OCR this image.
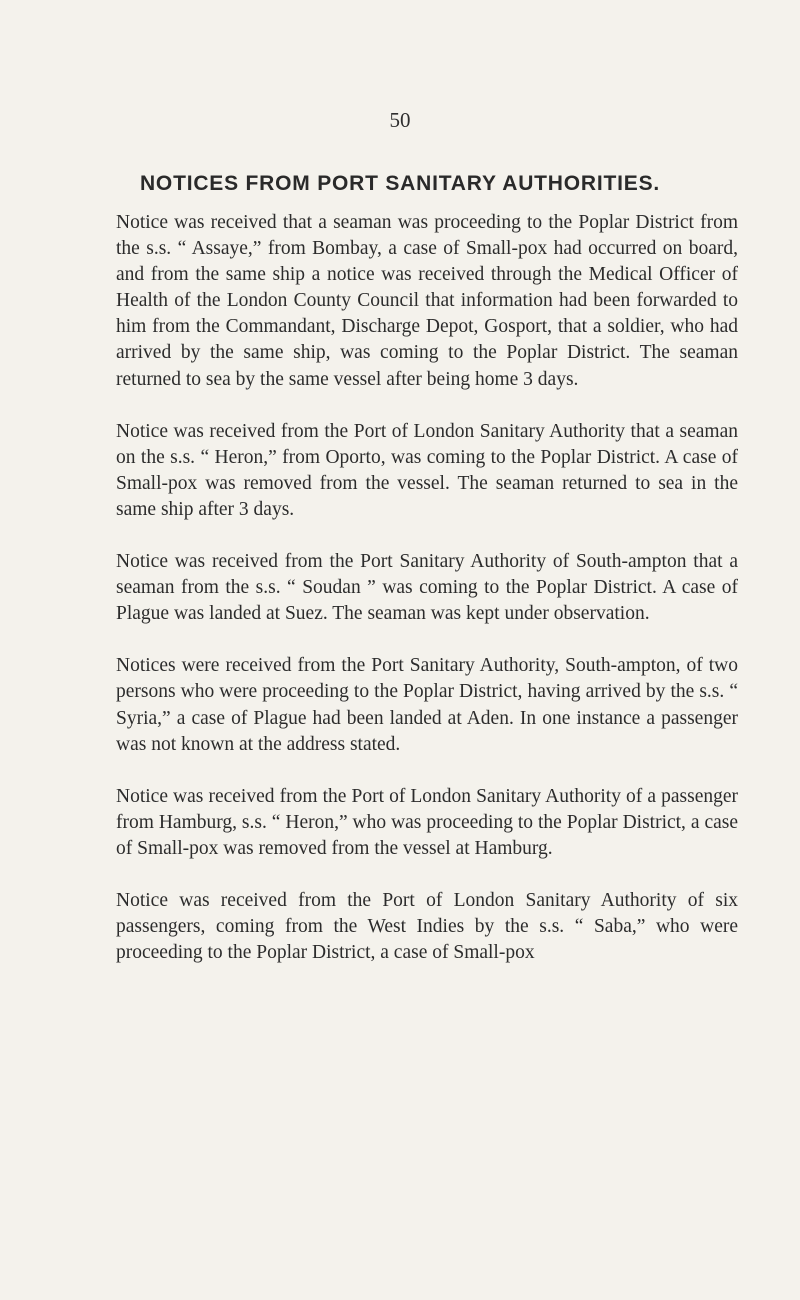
50
NOTICES FROM PORT SANITARY AUTHORITIES.

Notice was received that a seaman was proceeding to the Poplar District from the s.s. “ Assaye,” from Bombay, a case of Small-pox had occurred on board, and from the same ship a notice was received through the Medical Officer of Health of the London County Council that information had been forwarded to him from the Commandant, Discharge Depot, Gosport, that a soldier, who had arrived by the same ship, was coming to the Poplar District. The seaman returned to sea by the same vessel after being home 3 days.

Notice was received from the Port of London Sanitary Authority that a seaman on the s.s. “ Heron,” from Oporto, was coming to the Poplar District. A case of Small-pox was removed from the vessel. The seaman returned to sea in the same ship after 3 days.

Notice was received from the Port Sanitary Authority of South-ampton that a seaman from the s.s. “ Soudan ” was coming to the Poplar District. A case of Plague was landed at Suez. The seaman was kept under observation.

Notices were received from the Port Sanitary Authority, South-ampton, of two persons who were proceeding to the Poplar District, having arrived by the s.s. “ Syria,” a case of Plague had been landed at Aden. In one instance a passenger was not known at the address stated.

Notice was received from the Port of London Sanitary Authority of a passenger from Hamburg, s.s. “ Heron,” who was proceeding to the Poplar District, a case of Small-pox was removed from the vessel at Hamburg.

Notice was received from the Port of London Sanitary Authority of six passengers, coming from the West Indies by the s.s. “ Saba,” who were proceeding to the Poplar District, a case of Small-pox
